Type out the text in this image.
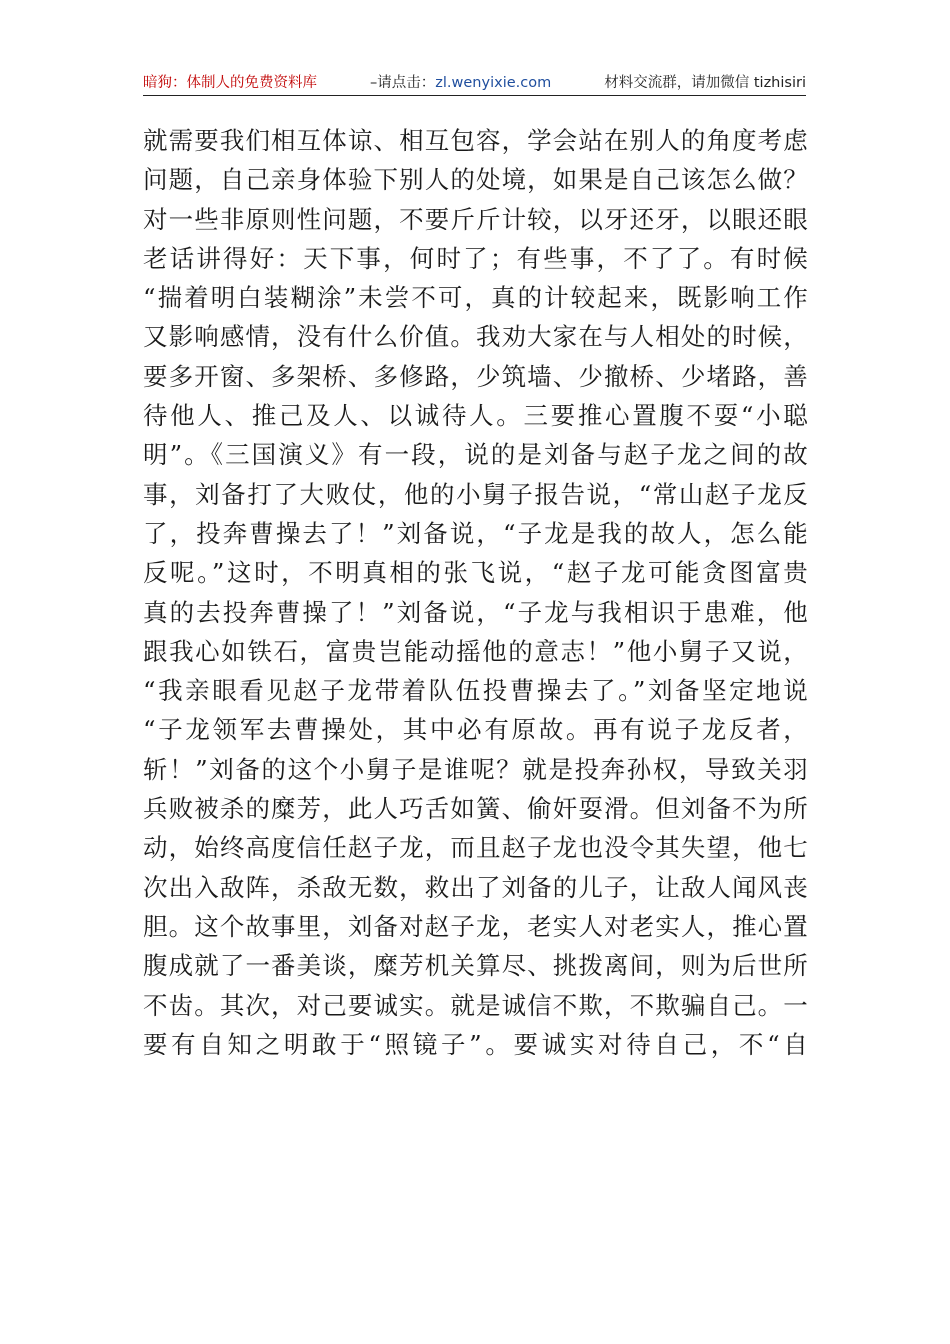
暗狗：体制人的免费资料库	–请点击：zl.wenyixie.com	材料交流群，请加微信 tizhisiri
就需要我们相互体谅、相互包容，学会站在别人的角度考虑
问题，自己亲身体验下别人的处境，如果是自己该怎么做？
对一些非原则性问题，不要斤斤计较，以牙还牙，以眼还眼
老话讲得好：天下事，何时了；有些事，不了了。有时候
“揣着明白装糊涂”未尝不可，真的计较起来，既影响工作
又影响感情，没有什么价值。我劝大家在与人相处的时候，
要多开窗、多架桥、多修路，少筑墙、少撤桥、少堵路，善
待他人、推己及人、以诚待人。三要推心置腹不耍“小聪
明”。《三国演义》有一段，说的是刘备与赵子龙之间的故
事，刘备打了大败仗，他的小舅子报告说，“常山赵子龙反
了，投奔曹操去了！”刘备说，“子龙是我的故人，怎么能
反呢。”这时，不明真相的张飞说，“赵子龙可能贪图富贵
真的去投奔曹操了！”刘备说，“子龙与我相识于患难，他
跟我心如铁石，富贵岂能动摇他的意志！”他小舅子又说，
“我亲眼看见赵子龙带着队伍投曹操去了。”刘备坚定地说
“子龙领军去曹操处，其中必有原故。再有说子龙反者，
斩！”刘备的这个小舅子是谁呢？就是投奔孙权，导致关羽
兵败被杀的糜芳，此人巧舌如簧、偷奸耍滑。但刘备不为所
动，始终高度信任赵子龙，而且赵子龙也没令其失望，他七
次出入敌阵，杀敌无数，救出了刘备的儿子，让敌人闻风丧
胆。这个故事里，刘备对赵子龙，老实人对老实人，推心置
腹成就了一番美谈，糜芳机关算尽、挑拨离间，则为后世所
不齿。其次，对己要诚实。就是诚信不欺，不欺骗自己。一
要有自知之明敢于“照镜子”。要诚实对待自己，不“自
